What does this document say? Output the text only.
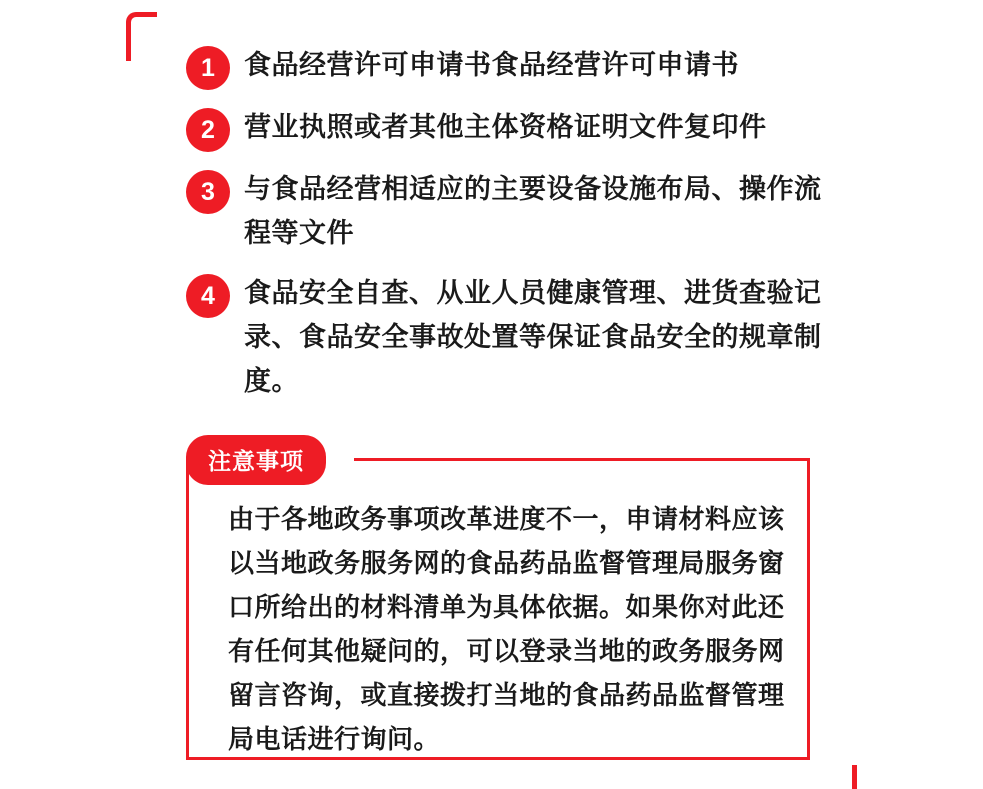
1	食品经营许可申请书食品经营许可申请书
2	营业执照或者其他主体资格证明文件复印件
3	与食品经营相适应的主要设备设施布局、操作流程等文件
4	食品安全自查、从业人员健康管理、进货查验记录、食品安全事故处置等保证食品安全的规章制度。
注意事项
由于各地政务事项改革进度不一，申请材料应该以当地政务服务网的食品药品监督管理局服务窗口所给出的材料清单为具体依据。如果你对此还有任何其他疑问的，可以登录当地的政务服务网留言咨询，或直接拨打当地的食品药品监督管理局电话进行询问。
